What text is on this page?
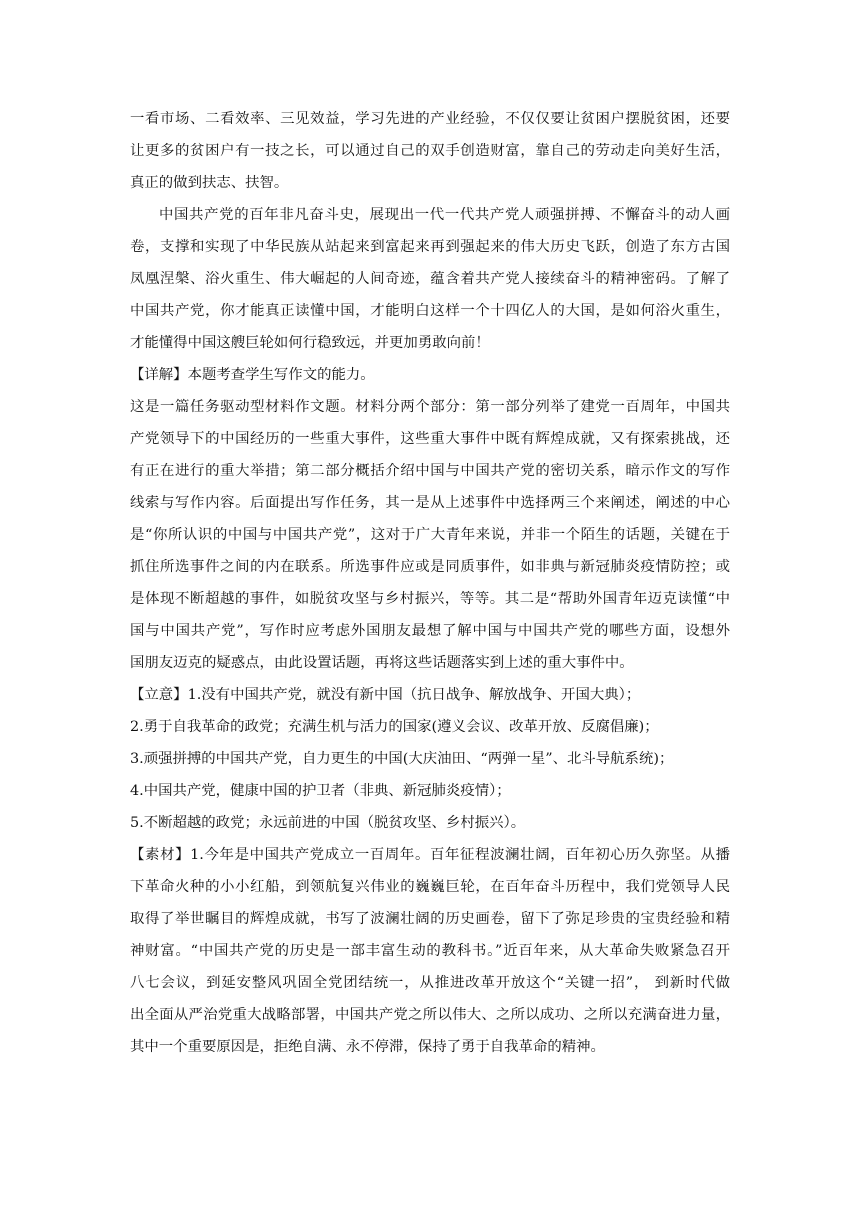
一看市场、二看效率、三见效益，学习先进的产业经验，不仅仅要让贫困户摆脱贫困，还要
让更多的贫困户有一技之长，可以通过自己的双手创造财富，靠自己的劳动走向美好生活，
真正的做到扶志、扶智。
中国共产党的百年非凡奋斗史，展现出一代一代共产党人顽强拼搏、不懈奋斗的动人画
卷，支撑和实现了中华民族从站起来到富起来再到强起来的伟大历史飞跃，创造了东方古国
凤凰涅槃、浴火重生、伟大崛起的人间奇迹，蕴含着共产党人接续奋斗的精神密码。了解了
中国共产党，你才能真正读懂中国，才能明白这样一个十四亿人的大国，是如何浴火重生，
才能懂得中国这艘巨轮如何行稳致远，并更加勇敢向前！
【详解】本题考查学生写作文的能力。
这是一篇任务驱动型材料作文题。材料分两个部分：第一部分列举了建党一百周年，中国共
产党领导下的中国经历的一些重大事件，这些重大事件中既有辉煌成就，又有探索挑战，还
有正在进行的重大举措；第二部分概括介绍中国与中国共产党的密切关系，暗示作文的写作
线索与写作内容。后面提出写作任务，其一是从上述事件中选择两三个来阐述，阐述的中心
是“你所认识的中国与中国共产党”，这对于广大青年来说，并非一个陌生的话题，关键在于
抓住所选事件之间的内在联系。所选事件应或是同质事件，如非典与新冠肺炎疫情防控；或
是体现不断超越的事件，如脱贫攻坚与乡村振兴，等等。其二是“帮助外国青年迈克读懂“中
国与中国共产党”，写作时应考虑外国朋友最想了解中国与中国共产党的哪些方面，设想外
国朋友迈克的疑惑点，由此设置话题，再将这些话题落实到上述的重大事件中。
【立意】1.没有中国共产党，就没有新中国（抗日战争、解放战争、开国大典）；
2.勇于自我革命的政党；充满生机与活力的国家(遵义会议、改革开放、反腐倡廉)；
3.顽强拼搏的中国共产党，自力更生的中国(大庆油田、“两弹一星”、北斗导航系统)；
4.中国共产党，健康中国的护卫者（非典、新冠肺炎疫情）；
5.不断超越的政党；永远前进的中国（脱贫攻坚、乡村振兴）。
【素材】1.今年是中国共产党成立一百周年。百年征程波澜壮阔，百年初心历久弥坚。从播
下革命火种的小小红船，到领航复兴伟业的巍巍巨轮，在百年奋斗历程中，我们党领导人民
取得了举世瞩目的辉煌成就，书写了波澜壮阔的历史画卷，留下了弥足珍贵的宝贵经验和精
神财富。“中国共产党的历史是一部丰富生动的教科书。”近百年来，从大革命失败紧急召开
八七会议，到延安整风巩固全党团结统一，从推进改革开放这个“关键一招”， 到新时代做
出全面从严治党重大战略部署，中国共产党之所以伟大、之所以成功、之所以充满奋进力量，
其中一个重要原因是，拒绝自满、永不停滞，保持了勇于自我革命的精神。
